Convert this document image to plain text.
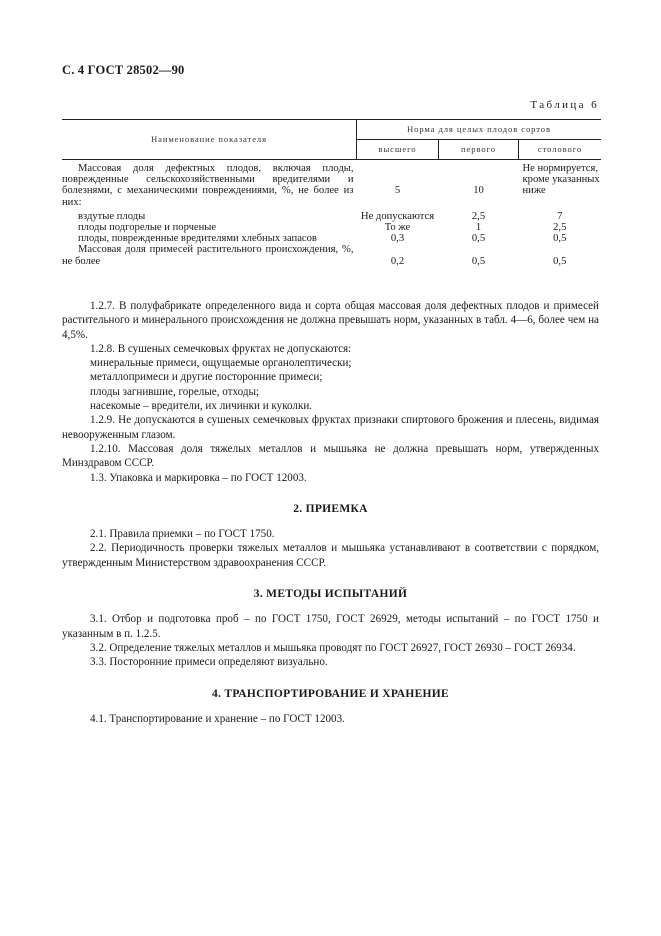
С. 4 ГОСТ 28502—90
Таблица 6
Наименование показателя	Норма для целых плодов сортов		
	высшего	первого	столового
Массовая доля дефектных плодов, включая плоды, поврежденные сельскохозяйственными вредителями и болезнями, с механическими повреждениями, %, не более из них:	5	10	Не нормируется, кроме указанных ниже
вздутые плоды	Не допускаются	2,5	7
плоды подгорелые и порченые	То же	1	2,5
плоды, поврежденные вредителями хлебных запасов	0,3	0,5	0,5
Массовая доля примесей растительного происхождения, %, не более	0,2	0,5	0,5

1.2.7. В полуфабрикате определенного вида и сорта общая массовая доля дефектных плодов и примесей растительного и минерального происхождения не должна превышать норм, указанных в табл. 4—6, более чем на 4,5%.

1.2.8. В сушеных семечковых фруктах не допускаются:

минеральные примеси, ощущаемые органолептически;

металлопримеси и другие посторонние примеси;

плоды загнившие, горелые, отходы;

насекомые – вредители, их личинки и куколки.

1.2.9. Не допускаются в сушеных семечковых фруктах признаки спиртового брожения и плесень, видимая невооруженным глазом.

1.2.10. Массовая доля тяжелых металлов и мышьяка не должна превышать норм, утвержденных Минздравом СССР.

1.3. Упаковка и маркировка – по ГОСТ 12003.

2. ПРИЕМКА

2.1. Правила приемки – по ГОСТ 1750.

2.2. Периодичность проверки тяжелых металлов и мышьяка устанавливают в соответствии с порядком, утвержденным Министерством здравоохранения СССР.

3. МЕТОДЫ ИСПЫТАНИЙ

3.1. Отбор и подготовка проб – по ГОСТ 1750, ГОСТ 26929, методы испытаний – по ГОСТ 1750 и указанным в п. 1.2.5.

3.2. Определение тяжелых металлов и мышьяка проводят по ГОСТ 26927, ГОСТ 26930 – ГОСТ 26934.

3.3. Посторонние примеси определяют визуально.

4. ТРАНСПОРТИРОВАНИЕ И ХРАНЕНИЕ

4.1. Транспортирование и хранение – по ГОСТ 12003.
